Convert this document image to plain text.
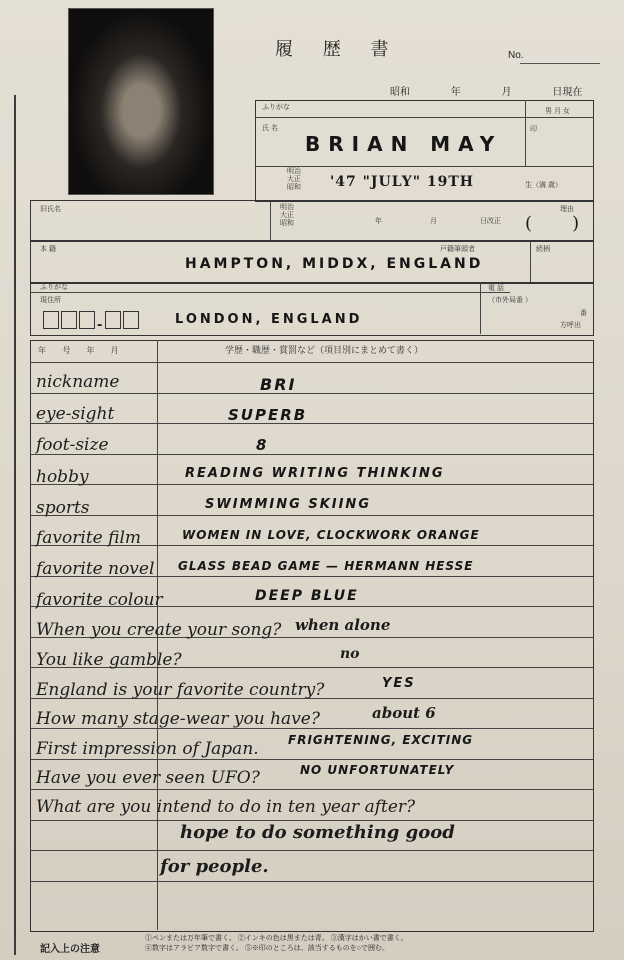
履 歴 書	No.
昭和 年 月 日現在
ふりがな
氏 名
男 月 女
印
BRIAN MAY
明治
大正
昭和 '47 "JULY" 19TH	生（満 歳）
旧氏名	明治
大正
昭和	年	月	日改正
理由
(       )
本 籍	戸籍筆頭者	続柄
HAMPTON, MIDDX, ENGLAND
ふりがな
現住所
-	LONDON, ENGLAND
電 話
（市外局番 ）
番
方呼出
年 号 年 月	学歴・職歴・賞罰など（項目別にまとめて書く）
nickname	BRI
eye-sight	SUPERB
foot-size	8
hobby	READING WRITING THINKING
sports	SWIMMING SKIING
favorite film	WOMEN IN LOVE, CLOCKWORK ORANGE
favorite novel GLASS BEAD GAME — HERMANN HESSE
favorite colour	DEEP BLUE
When you create your song? when alone
You like gamble?	no
England is your favorite country?	YES
How many stage-wear you have?	about 6
First impression of Japan. FRIGHTENING, EXCITING
Have you ever seen UFO?	NO UNFORTUNATELY
What are you intend to do in ten year after?
hope to do something good
for people.
記入上の注意
①ペンまたは万年筆で書く。 ②インキの色は黒または青。 ③漢字はかい書で書く。
④数字はアラビア数字で書く。 ⑤※印のところは、該当するものを○で囲む。
